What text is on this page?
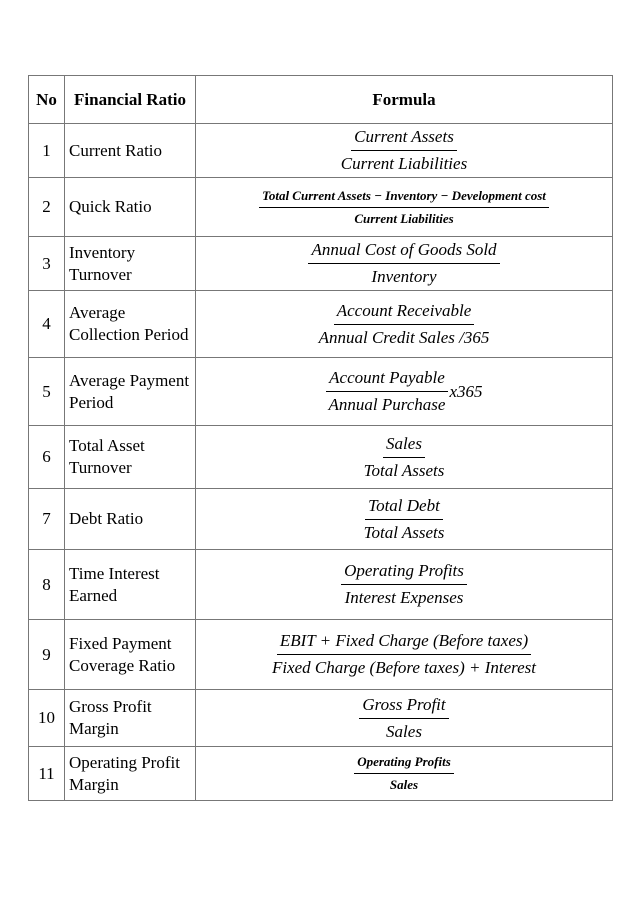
No	Financial Ratio	Formula
1	Current Ratio	$\frac{\text{Current Assets}}{\text{Current Liabilities}}$

2	Quick Ratio	$\frac{\text{Total Current Assets − Inventory − Development cost}}{\text{Current Liabilities}}$

3	Inventory Turnover	$\frac{\text{Annual Cost of Goods Sold}}{\text{Inventory}}$

4	Average Collection Period	$\frac{\text{Account Receivable}}{\text{Annual Credit Sales /365}}$

5	Average Payment Period	$\frac{\text{Account Payable}}{\text{Annual Purchase}} x365$
6	Total Asset Turnover	$\frac{\text{Sales}}{\text{Total Assets}}$

7	Debt Ratio	$\frac{\text{Total Debt}}{\text{Total Assets}}$

8	Time Interest Earned	$\frac{\text{Operating Profits}}{\text{Interest Expenses}}$

9	Fixed Payment Coverage Ratio	$\frac{\text{EBIT + Fixed Charge (Before taxes)}}{\text{Fixed Charge (Before taxes) + Interest}}$

10	Gross Profit Margin	$\frac{\text{Gross Profit}}{\text{Sales}}$

11	Operating Profit Margin	$\frac{\text{Operating Profits}}{\text{Sales}}$
